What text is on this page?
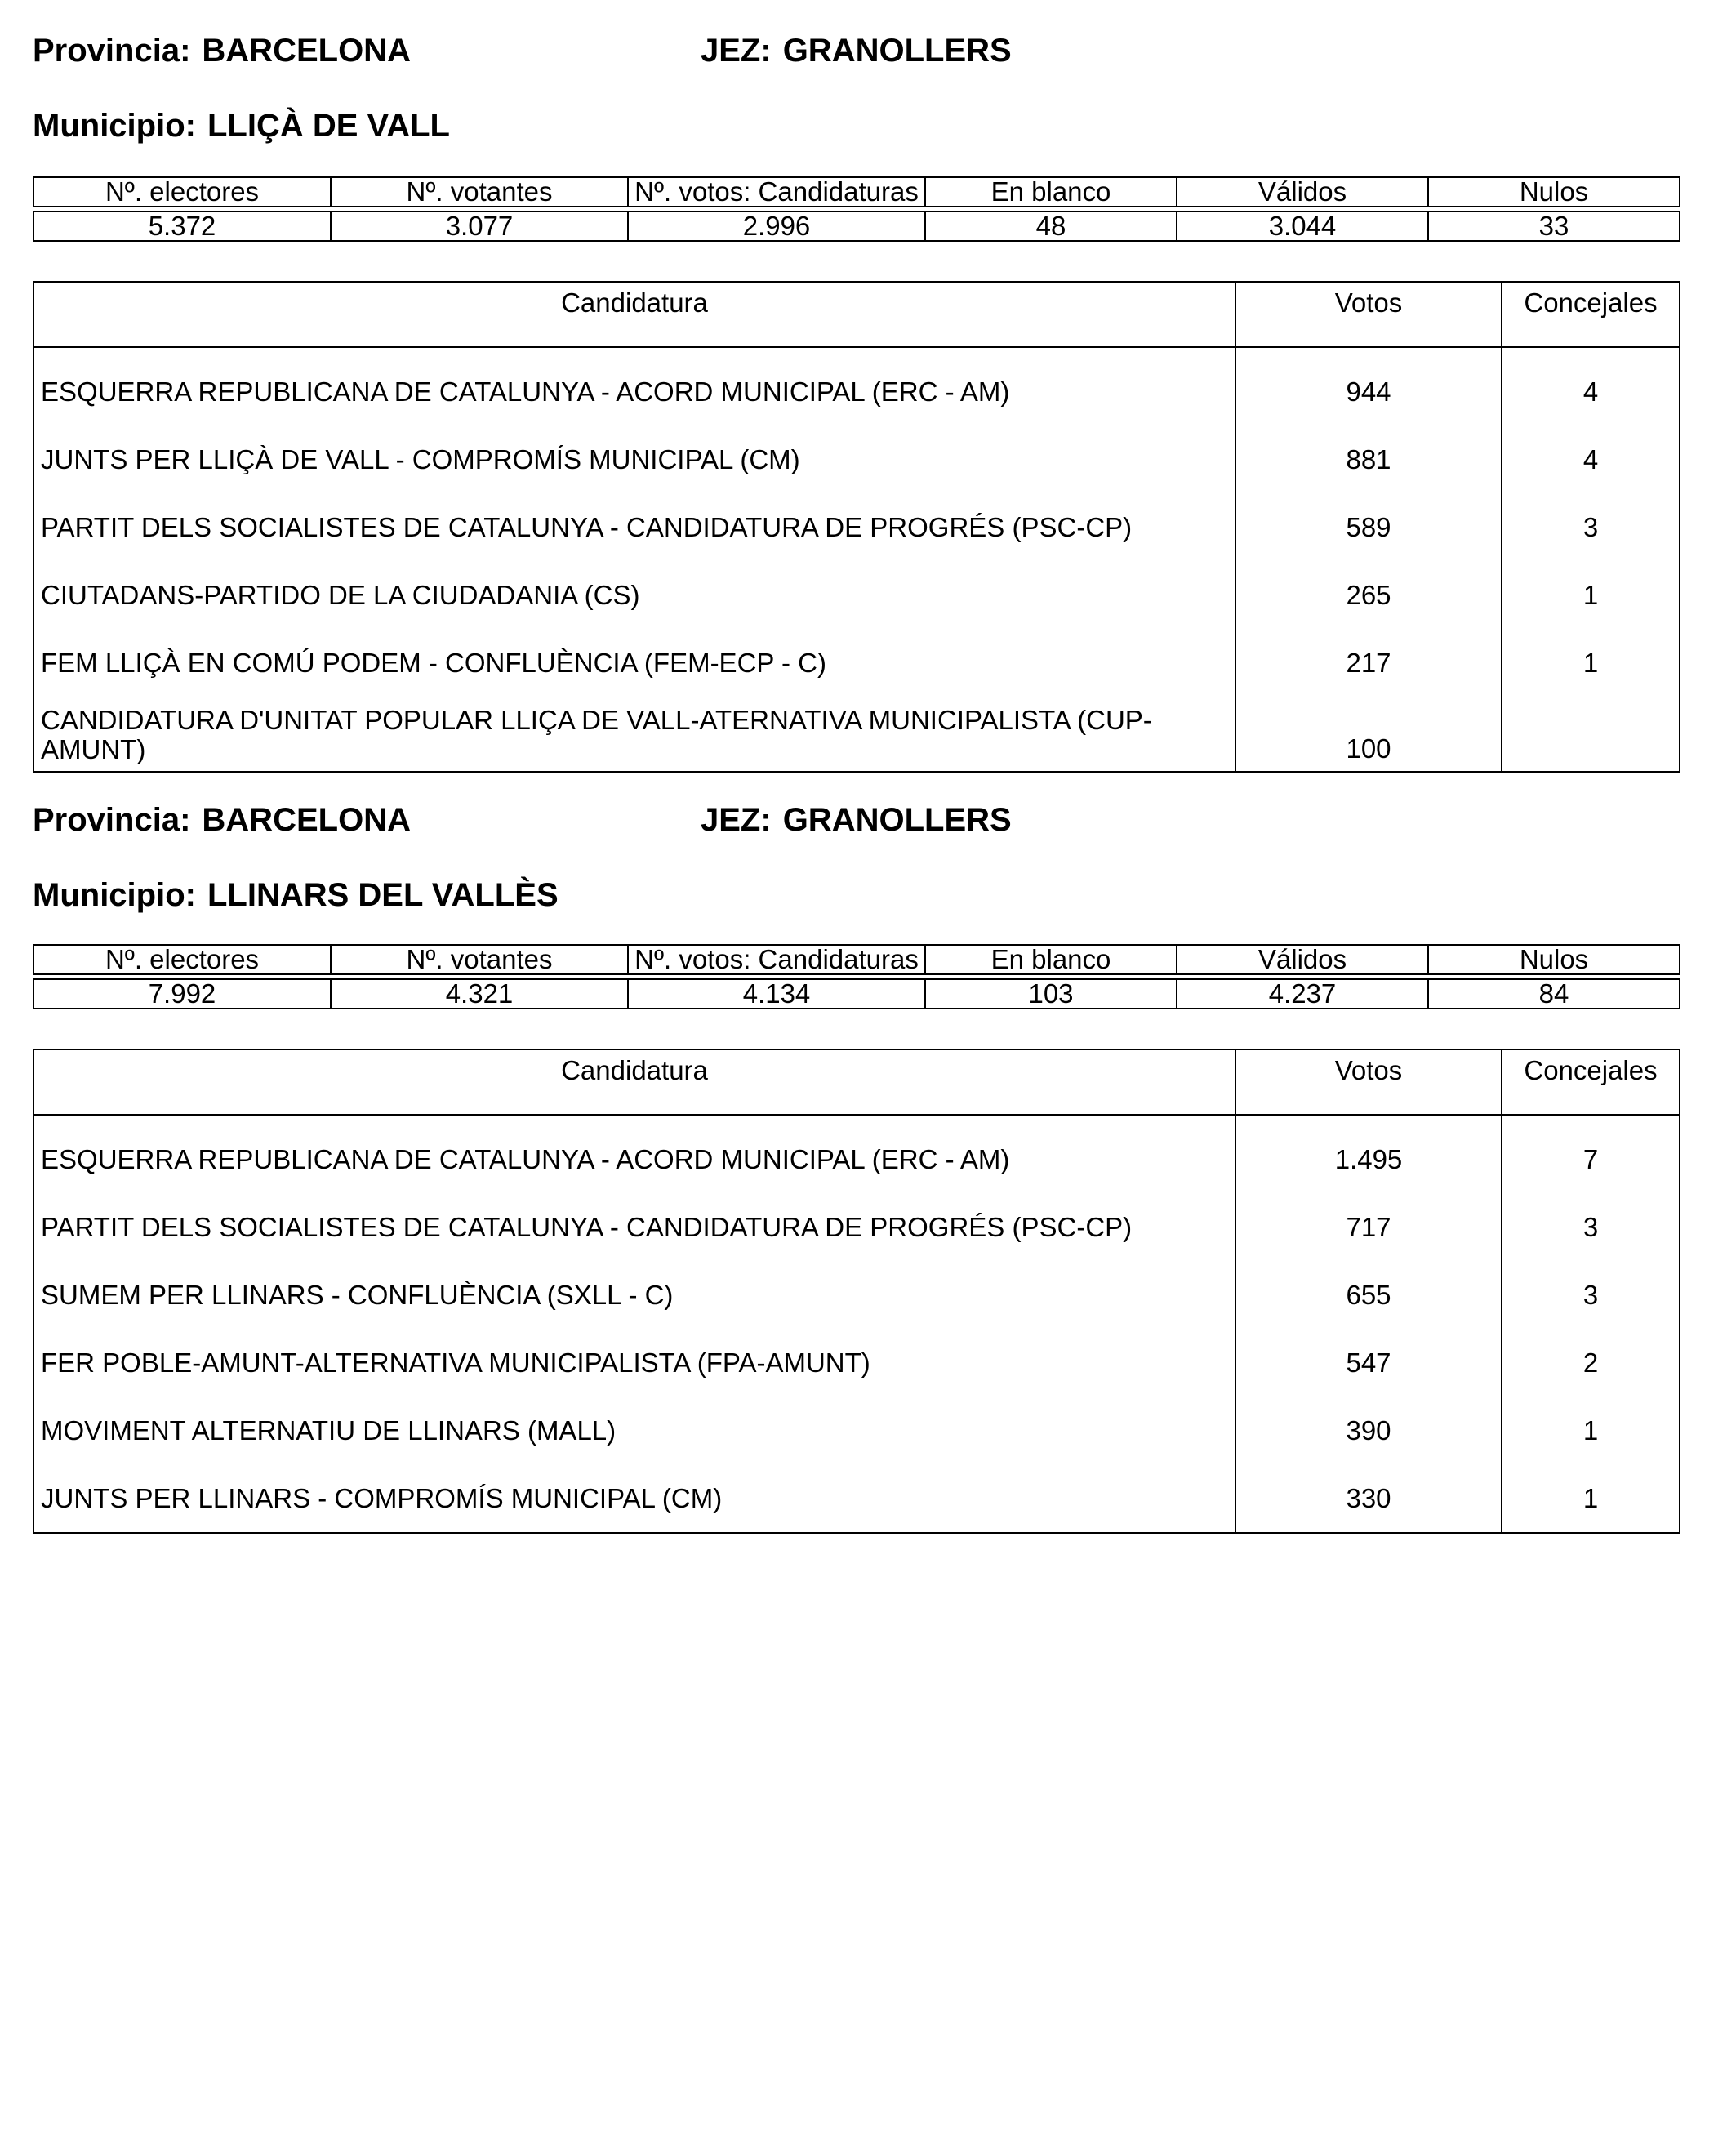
Provincia: BARCELONA	JEZ: GRANOLLERS
Municipio: LLIÇÀ DE VALL
Nº. electores	Nº. votantes	Nº. votos: Candidaturas	En blanco	Válidos	Nulos

5.372	3.077	2.996	48	3.044	33
Candidatura	Votos	Concejales

ESQUERRA REPUBLICANA DE CATALUNYA - ACORD MUNICIPAL (ERC - AM)	944	4
JUNTS PER LLIÇÀ DE VALL - COMPROMÍS MUNICIPAL (CM)	881	4
PARTIT DELS SOCIALISTES DE CATALUNYA - CANDIDATURA DE PROGRÉS (PSC-CP)	589	3
CIUTADANS-PARTIDO DE LA CIUDADANIA (CS)	265	1
FEM LLIÇÀ EN COMÚ PODEM - CONFLUÈNCIA (FEM-ECP - C)	217	1
CANDIDATURA D'UNITAT POPULAR LLIÇA DE VALL-ATERNATIVA MUNICIPALISTA (CUP-AMUNT)	100	
Provincia: BARCELONA	JEZ: GRANOLLERS
Municipio: LLINARS DEL VALLÈS
Nº. electores	Nº. votantes	Nº. votos: Candidaturas	En blanco	Válidos	Nulos

7.992	4.321	4.134	103	4.237	84
Candidatura	Votos	Concejales

ESQUERRA REPUBLICANA DE CATALUNYA - ACORD MUNICIPAL (ERC - AM)	1.495	7
PARTIT DELS SOCIALISTES DE CATALUNYA - CANDIDATURA DE PROGRÉS (PSC-CP)	717	3
SUMEM PER LLINARS - CONFLUÈNCIA (SXLL - C)	655	3
FER POBLE-AMUNT-ALTERNATIVA MUNICIPALISTA (FPA-AMUNT)	547	2
MOVIMENT ALTERNATIU DE LLINARS (MALL)	390	1
JUNTS PER LLINARS - COMPROMÍS MUNICIPAL (CM)	330	1
